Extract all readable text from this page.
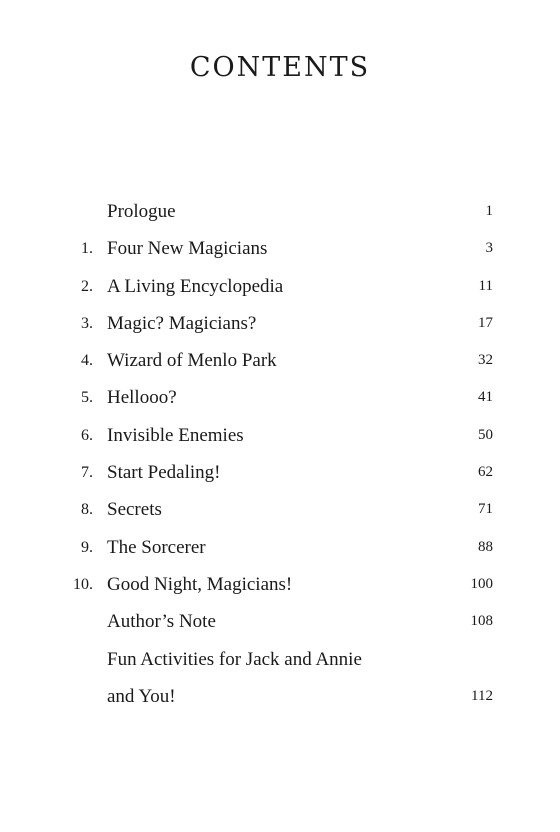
CONTENTS
Prologue	1
1. Four New Magicians	3
2. A Living Encyclopedia	11
3. Magic? Magicians?	17
4. Wizard of Menlo Park	32
5. Hellooo?	41
6. Invisible Enemies	50
7. Start Pedaling!	62
8. Secrets	71
9. The Sorcerer	88
10. Good Night, Magicians!	100
Author’s Note	108
Fun Activities for Jack and Annie
and You!	112
